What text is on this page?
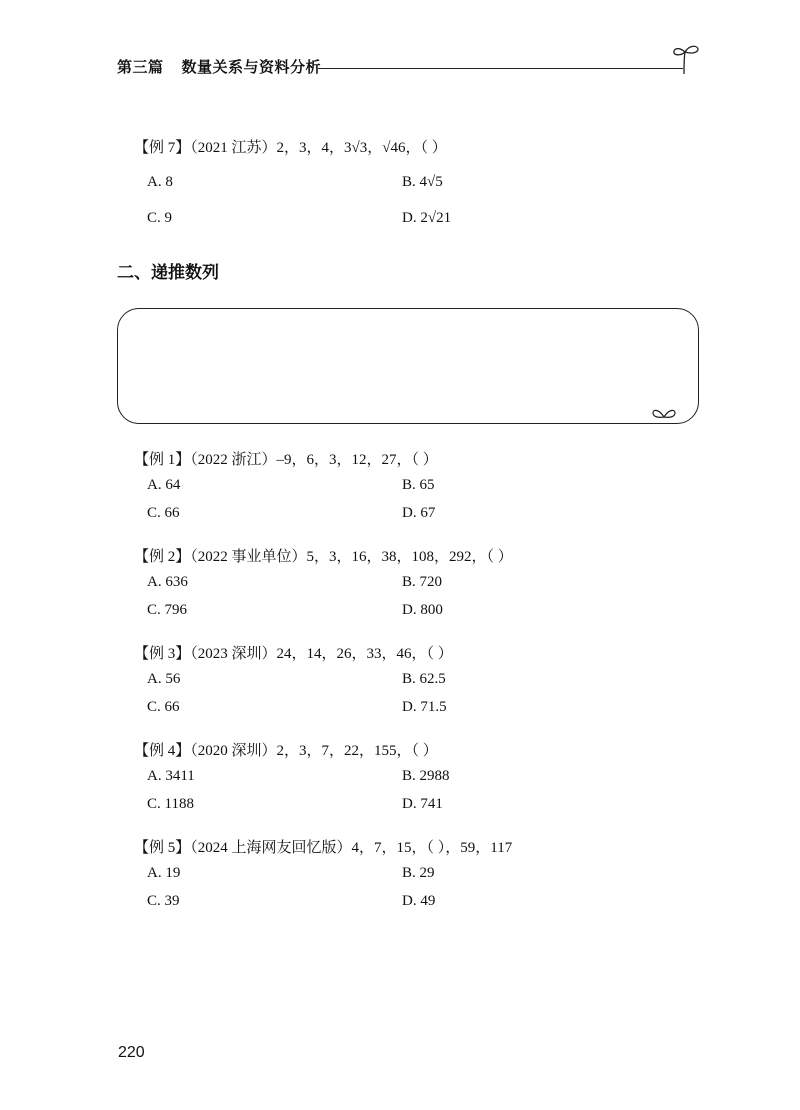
第三篇 数量关系与资料分析
【例 7】（2021 江苏）2，3，4，3√3，√46，（ ）
A. 8	B. 4√5
C. 9	D. 2√21
二、递推数列
【例 1】（2022 浙江）–9，6，3，12，27，（ ）
A. 64	B. 65
C. 66	D. 67
【例 2】（2022 事业单位）5，3，16，38，108，292，（ ）
A. 636	B. 720
C. 796	D. 800
【例 3】（2023 深圳）24，14，26，33，46，（ ）
A. 56	B. 62.5
C. 66	D. 71.5
【例 4】（2020 深圳）2，3，7，22，155，（ ）
A. 3411	B. 2988
C. 1188	D. 741
【例 5】（2024 上海网友回忆版）4，7，15，（ ），59，117
A. 19	B. 29
C. 39	D. 49
220
